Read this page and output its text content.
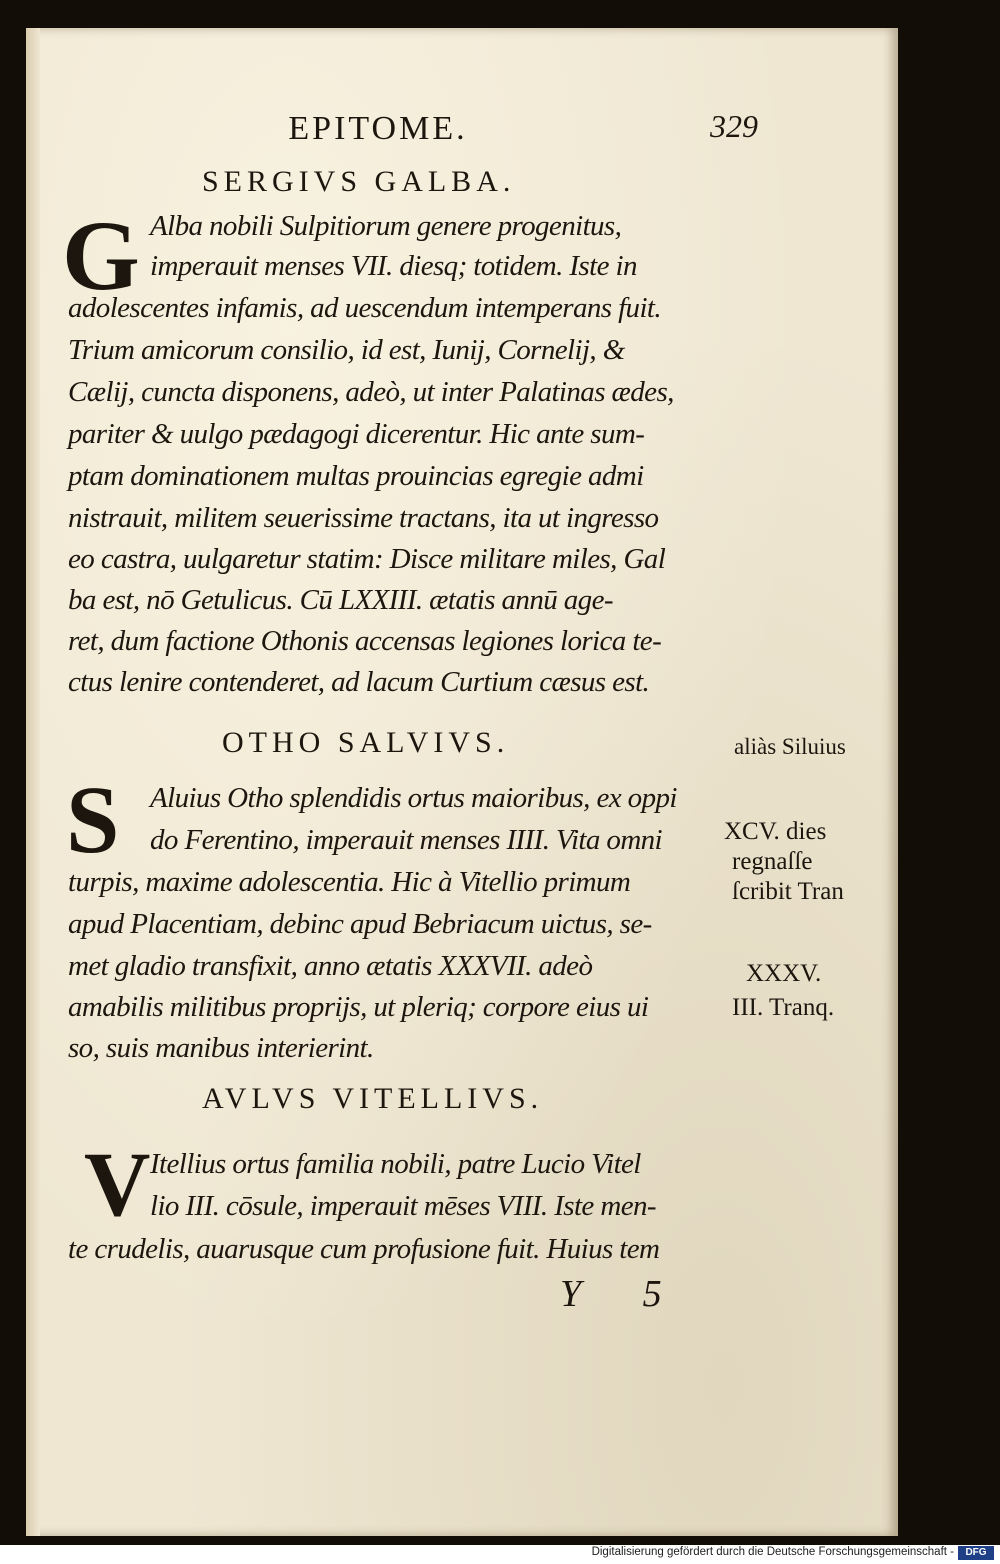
EPITOME.	329
SERGIVS GALBA.
G Alba nobili Sulpitiorum genere progenitus,
imperauit menses VII. diesq; totidem. Iste in
adolescentes infamis, ad uescendum intemperans fuit.
Trium amicorum consilio, id est, Iunij, Cornelij, &
Cælij, cuncta disponens, adeò, ut inter Palatinas ædes,
pariter & uulgo pædagogi dicerentur. Hic ante sum-
ptam dominationem multas prouincias egregie admi
nistrauit, militem seuerissime tractans, ita ut ingresso
eo castra, uulgaretur statim: Disce militare miles, Gal
ba est, nō Getulicus. Cū LXXIII. ætatis annū age-
ret, dum factione Othonis accensas legiones lorica te-
ctus lenire contenderet, ad lacum Curtium cæsus est.
OTHO SALVIVS.
S Aluius Otho splendidis ortus maioribus, ex oppi
do Ferentino, imperauit menses IIII. Vita omni
turpis, maxime adolescentia. Hic à Vitellio primum
apud Placentiam, debinc apud Bebriacum uictus, se-
met gladio transfixit, anno ætatis XXXVII. adeò
amabilis militibus proprijs, ut pleriq; corpore eius ui
so, suis manibus interierint.
aliàs Siluius
XCV. dies
regnaſſe
ſcribit Tran
XXXV.
III. Tranq.
AVLVS VITELLIVS.
V Itellius ortus familia nobili, patre Lucio Vitel
lio III. cōsule, imperauit mēses VIII. Iste men-
te crudelis, auarusque cum profusione fuit. Huius tem
Y 5
Digitalisierung gefördert durch die Deutsche Forschungsgemeinschaft -	DFG
